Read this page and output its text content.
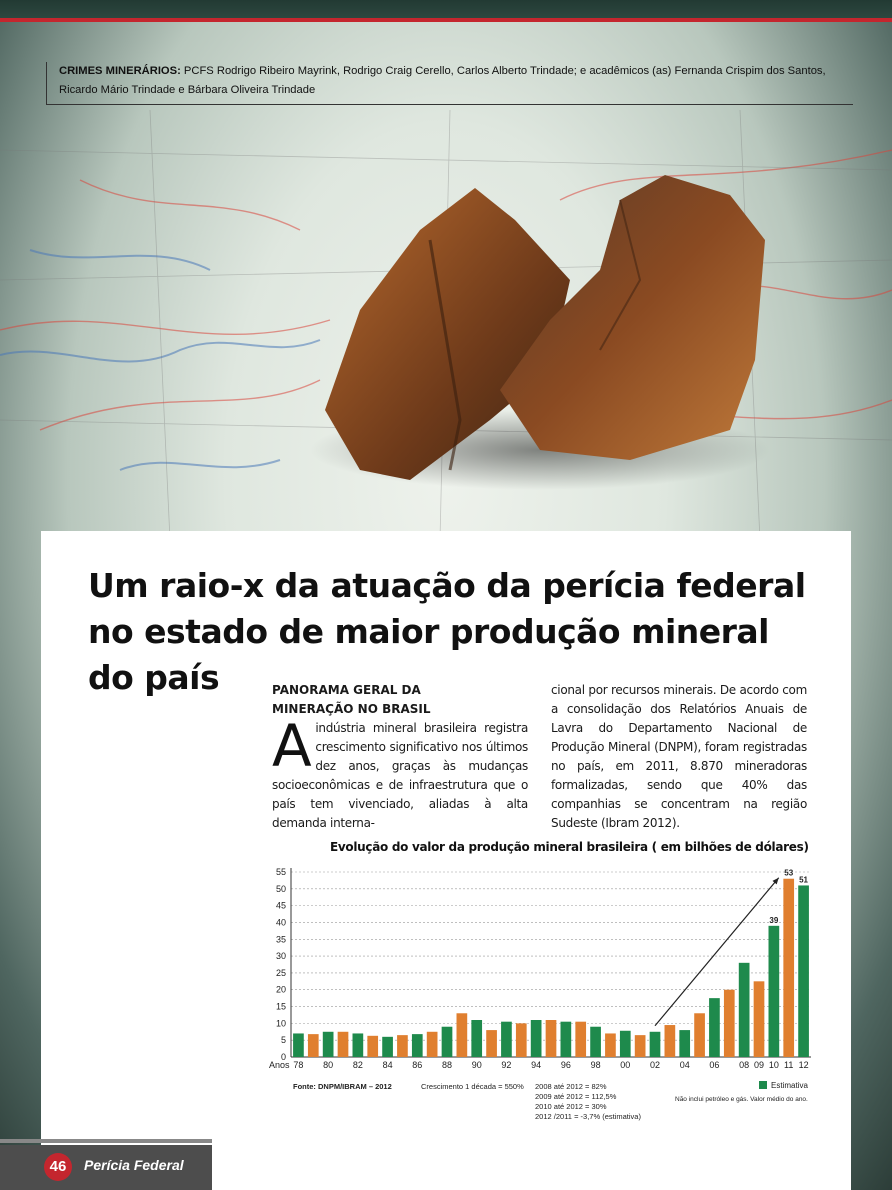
CRIMES MINERÁRIOS: PCFS Rodrigo Ribeiro Mayrink, Rodrigo Craig Cerello, Carlos Alberto Trindade; e acadêmicos (as) Fernanda Crispim dos Santos,

Ricardo Mário Trindade e Bárbara Oliveira Trindade

Um raio-x da atuação da perícia federal no estado de maior produção mineral do país	PANORAMA GERAL DA

MINERAÇÃO NO BRASIL

Aindústria mineral brasileira registra crescimento significativo nos últimos dez anos, graças às mudanças socioeconômicas e de infraestrutura que o país tem vivenciado, aliadas à alta demanda interna-

cional por recursos minerais. De acordo com a consolidação dos Relatórios Anuais de Lavra do Departamento Nacional de Produção Mineral (DNPM), foram registradas no país, em 2011, 8.870 mineradoras formalizadas, sendo que 40% das companhias se concentram na região Sudeste (Ibram 2012).

Evolução do valor da produção mineral brasileira ( em bilhões de dólares)
0
5
10
15
20
25
30
35
40
45
50
55
78 80 82 84 86 88 90 92 94 96 98 00 02 04 06 08 09 10
39
11
53
12
51
Anos
Fonte: DNPM/IBRAM – 2012	Crescimento 1 década = 550% 2008 até 2012 = 82%
2009 até 2012 = 112,5%
2010 até 2012 = 30%
2012 /2011 = -3,7% (estimativa)
Estimativa
Não inclui petróleo e gás. Valor médio do ano.
46	Perícia Federal
